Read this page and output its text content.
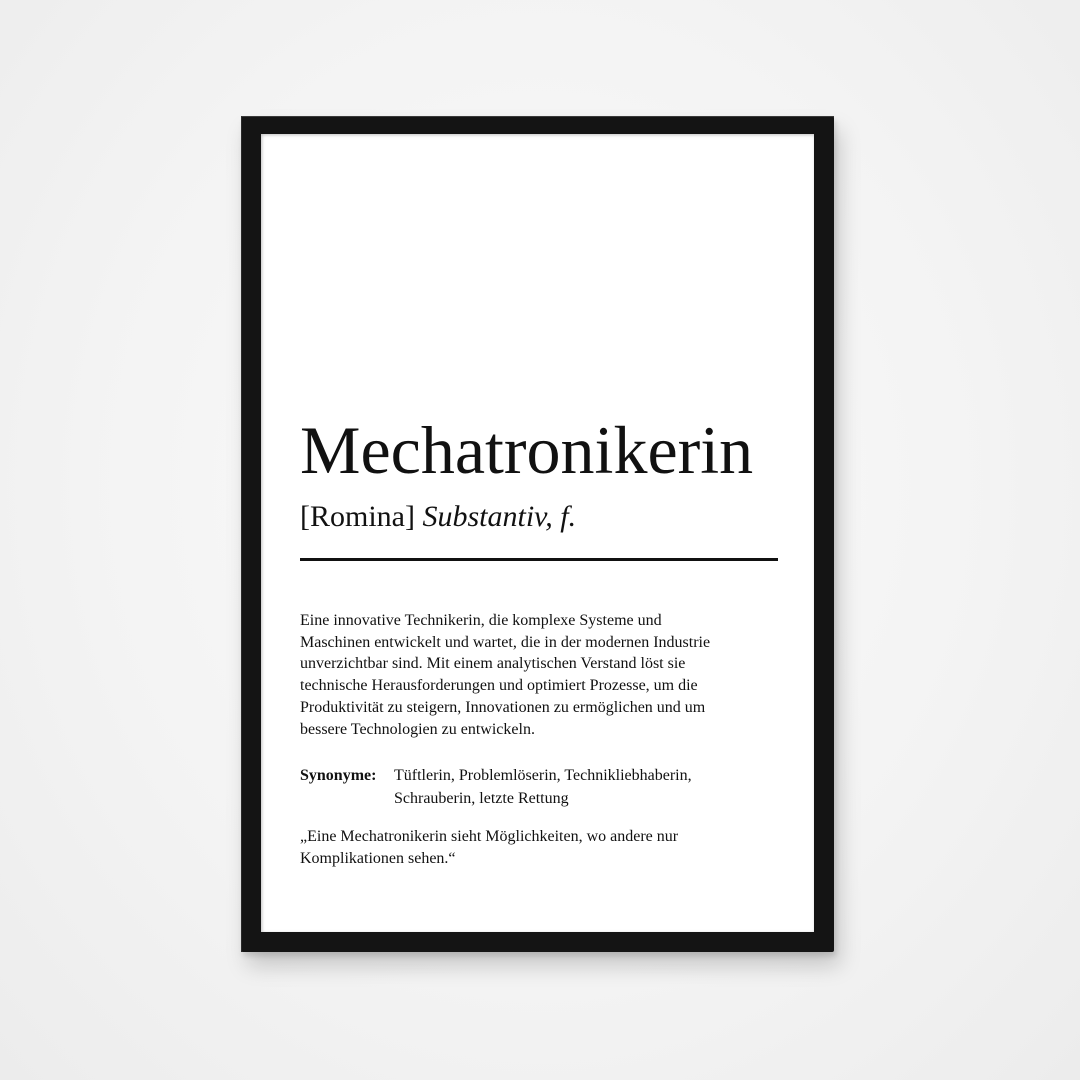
Mechatronikerin
[Romina] Substantiv, f.

Eine innovative Technikerin, die komplexe Systeme und
Maschinen entwickelt und wartet, die in der modernen Industrie
unverzichtbar sind. Mit einem analytischen Verstand löst sie
technische Herausforderungen und optimiert Prozesse, um die
Produktivität zu steigern, Innovationen zu ermöglichen und um
bessere Technologien zu entwickeln.

Synonyme:	Tüftlerin, Problemlöserin, Technikliebhaberin,
Schrauberin, letzte Rettung

„Eine Mechatronikerin sieht Möglichkeiten, wo andere nur
Komplikationen sehen.“
